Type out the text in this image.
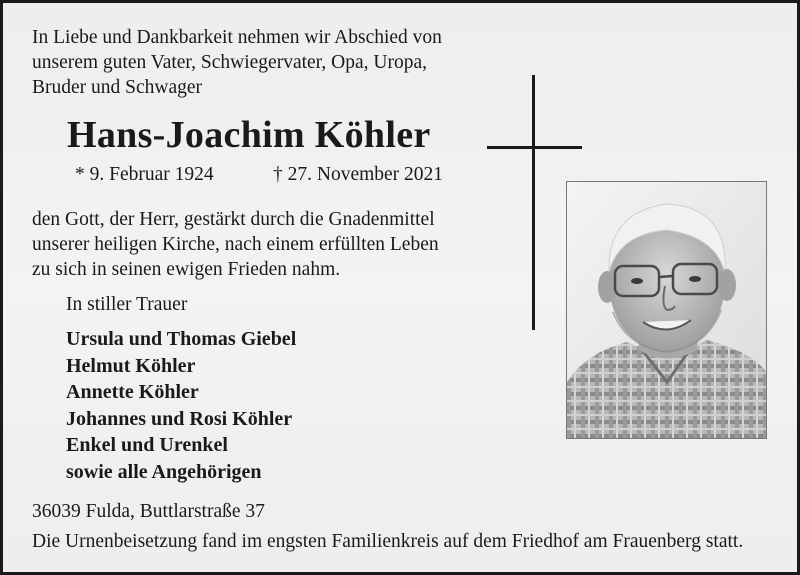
In Liebe und Dankbarkeit nehmen wir Abschied von
unserem guten Vater, Schwiegervater, Opa, Uropa,
Bruder und Schwager
Hans-Joachim Köhler
* 9. Februar 1924	† 27. November 2021
den Gott, der Herr, gestärkt durch die Gnadenmittel
unserer heiligen Kirche, nach einem erfüllten Leben
zu sich in seinen ewigen Frieden nahm.
In stiller Trauer
Ursula und Thomas Giebel
Helmut Köhler
Annette Köhler
Johannes und Rosi Köhler
Enkel und Urenkel
sowie alle Angehörigen
36039 Fulda, Buttlarstraße 37
Die Urnenbeisetzung fand im engsten Familienkreis auf dem Friedhof am Frauenberg statt.
